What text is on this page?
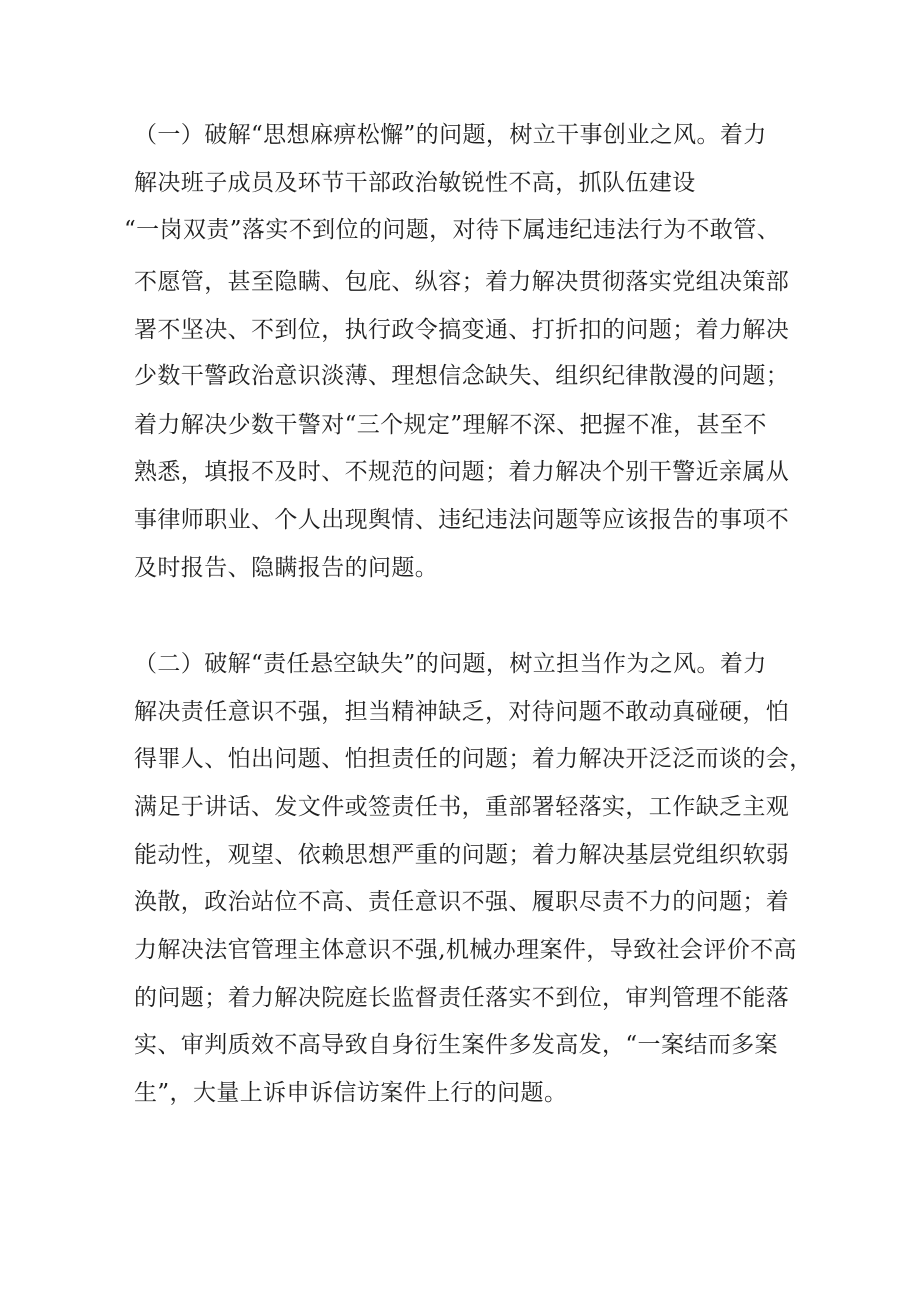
（一）破解“思想麻痹松懈”的问题，树立干事创业之风。着力
解决班子成员及环节干部政治敏锐性不高，抓队伍建设
“一岗双责”落实不到位的问题，对待下属违纪违法行为不敢管、
不愿管，甚至隐瞒、包庇、纵容；着力解决贯彻落实党组决策部
署不坚决、不到位，执行政令搞变通、打折扣的问题；着力解决
少数干警政治意识淡薄、理想信念缺失、组织纪律散漫的问题；
着力解决少数干警对“三个规定”理解不深、把握不准，甚至不
熟悉，填报不及时、不规范的问题；着力解决个别干警近亲属从
事律师职业、个人出现舆情、违纪违法问题等应该报告的事项不
及时报告、隐瞒报告的问题。
（二）破解“责任悬空缺失”的问题，树立担当作为之风。着力
解决责任意识不强，担当精神缺乏，对待问题不敢动真碰硬，怕
得罪人、怕出问题、怕担责任的问题；着力解决开泛泛而谈的会，
满足于讲话、发文件或签责任书，重部署轻落实，工作缺乏主观
能动性，观望、依赖思想严重的问题；着力解决基层党组织软弱
涣散，政治站位不高、责任意识不强、履职尽责不力的问题；着
力解决法官管理主体意识不强,机械办理案件，导致社会评价不高
的问题；着力解决院庭长监督责任落实不到位，审判管理不能落
实、审判质效不高导致自身衍生案件多发高发，“一案结而多案
生”，大量上诉申诉信访案件上行的问题。
